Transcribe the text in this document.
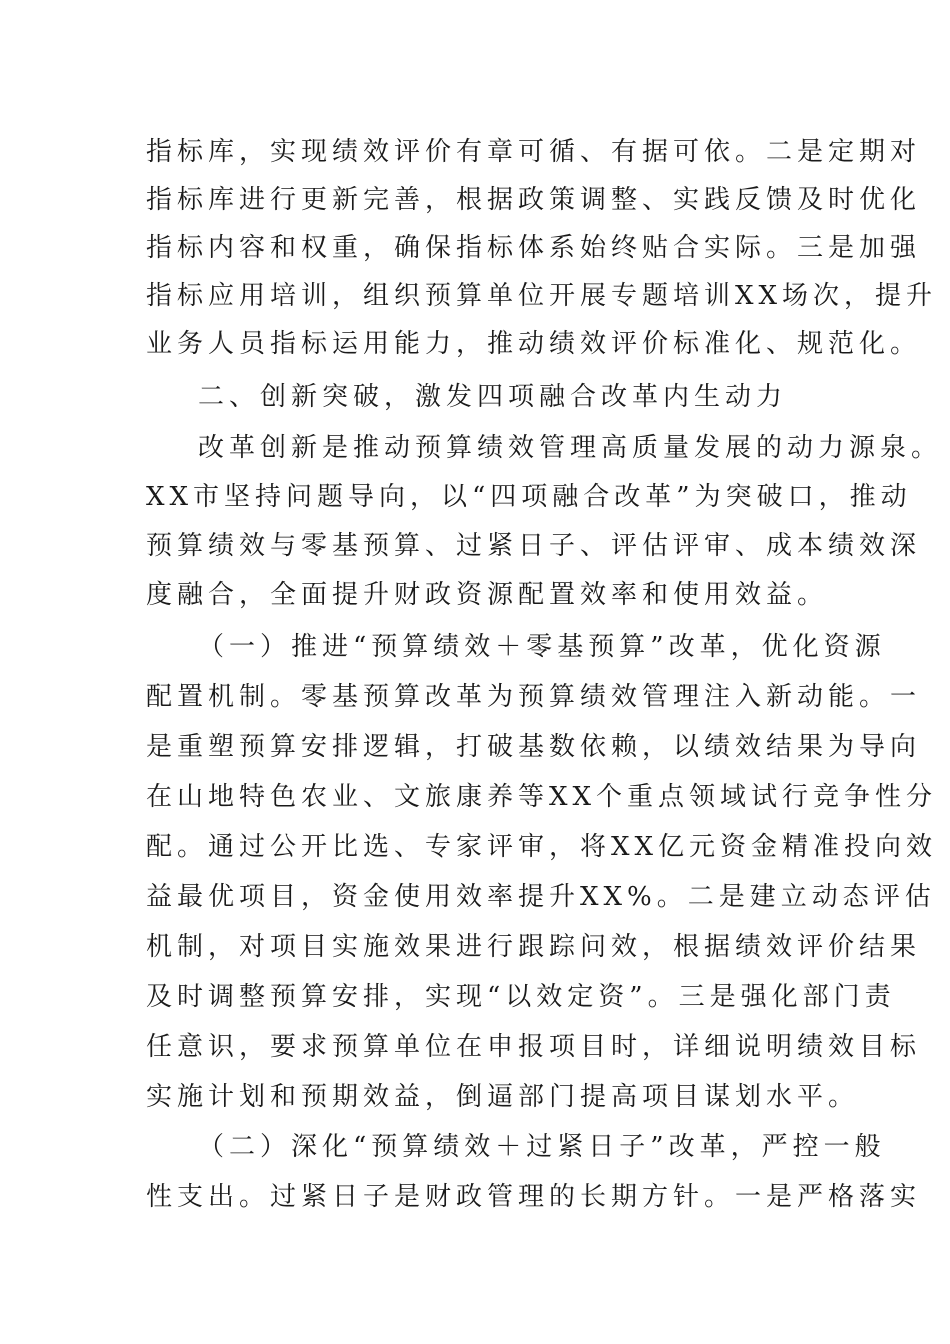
指标库，实现绩效评价有章可循、有据可依。二是定期对
指标库进行更新完善，根据政策调整、实践反馈及时优化
指标内容和权重，确保指标体系始终贴合实际。三是加强
指标应用培训，组织预算单位开展专题培训XX场次，提升
业务人员指标运用能力，推动绩效评价标准化、规范化。
二、创新突破，激发四项融合改革内生动力
改革创新是推动预算绩效管理高质量发展的动力源泉。
XX市坚持问题导向，以“四项融合改革”为突破口，推动
预算绩效与零基预算、过紧日子、评估评审、成本绩效深
度融合，全面提升财政资源配置效率和使用效益。
（一）推进“预算绩效＋零基预算”改革，优化资源
配置机制。零基预算改革为预算绩效管理注入新动能。一
是重塑预算安排逻辑，打破基数依赖，以绩效结果为导向
在山地特色农业、文旅康养等XX个重点领域试行竞争性分
配。通过公开比选、专家评审，将XX亿元资金精准投向效
益最优项目，资金使用效率提升XX%。二是建立动态评估
机制，对项目实施效果进行跟踪问效，根据绩效评价结果
及时调整预算安排，实现“以效定资”。三是强化部门责
任意识，要求预算单位在申报项目时，详细说明绩效目标
实施计划和预期效益，倒逼部门提高项目谋划水平。
（二）深化“预算绩效＋过紧日子”改革，严控一般
性支出。过紧日子是财政管理的长期方针。一是严格落实
